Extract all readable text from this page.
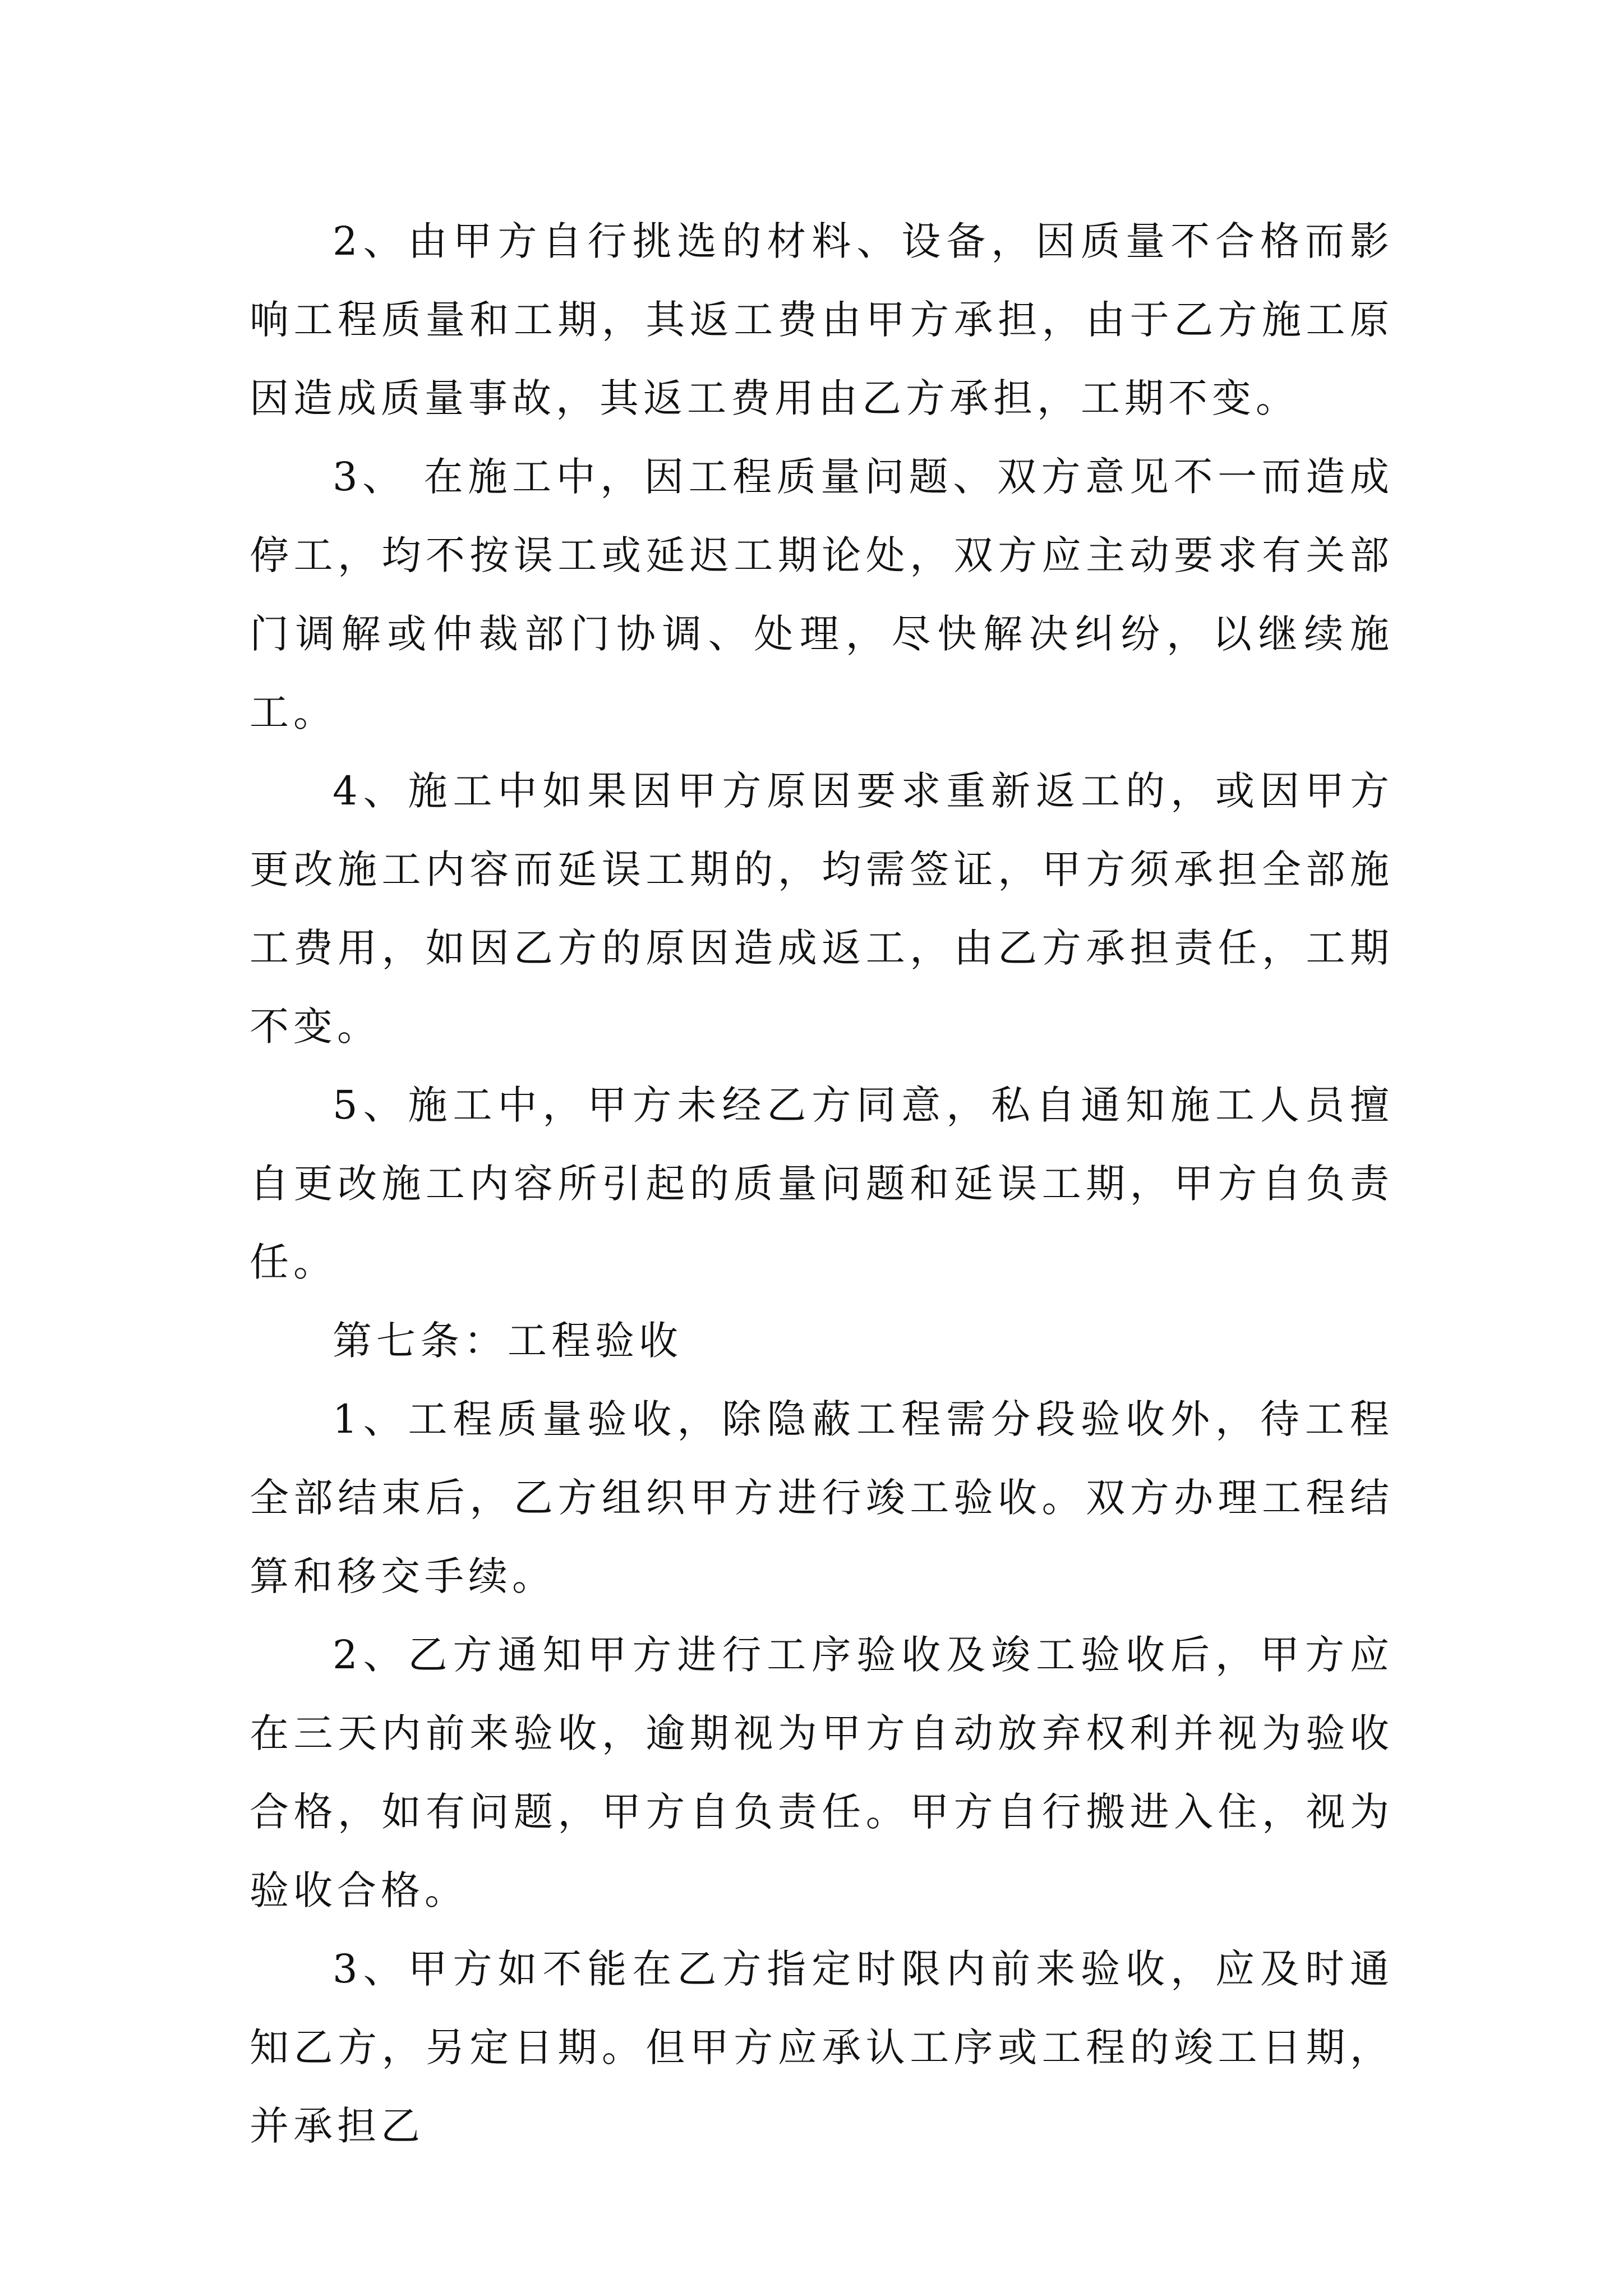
2、由甲方自行挑选的材料、设备，因质量不合格而影响工程质量和工期，其返工费由甲方承担，由于乙方施工原因造成质量事故，其返工费用由乙方承担，工期不变。

3、 在施工中，因工程质量问题、双方意见不一而造成停工，均不按误工或延迟工期论处，双方应主动要求有关部门调解或仲裁部门协调、处理，尽快解决纠纷，以继续施工。

4、施工中如果因甲方原因要求重新返工的，或因甲方更改施工内容而延误工期的，均需签证，甲方须承担全部施工费用，如因乙方的原因造成返工，由乙方承担责任，工期不变。

5、施工中，甲方未经乙方同意，私自通知施工人员擅自更改施工内容所引起的质量问题和延误工期，甲方自负责任。

第七条：工程验收

1、工程质量验收，除隐蔽工程需分段验收外，待工程全部结束后，乙方组织甲方进行竣工验收。双方办理工程结算和移交手续。

2、乙方通知甲方进行工序验收及竣工验收后，甲方应在三天内前来验收，逾期视为甲方自动放弃权利并视为验收合格，如有问题，甲方自负责任。甲方自行搬进入住，视为验收合格。

3、甲方如不能在乙方指定时限内前来验收，应及时通知乙方，另定日期。但甲方应承认工序或工程的竣工日期，并承担乙
